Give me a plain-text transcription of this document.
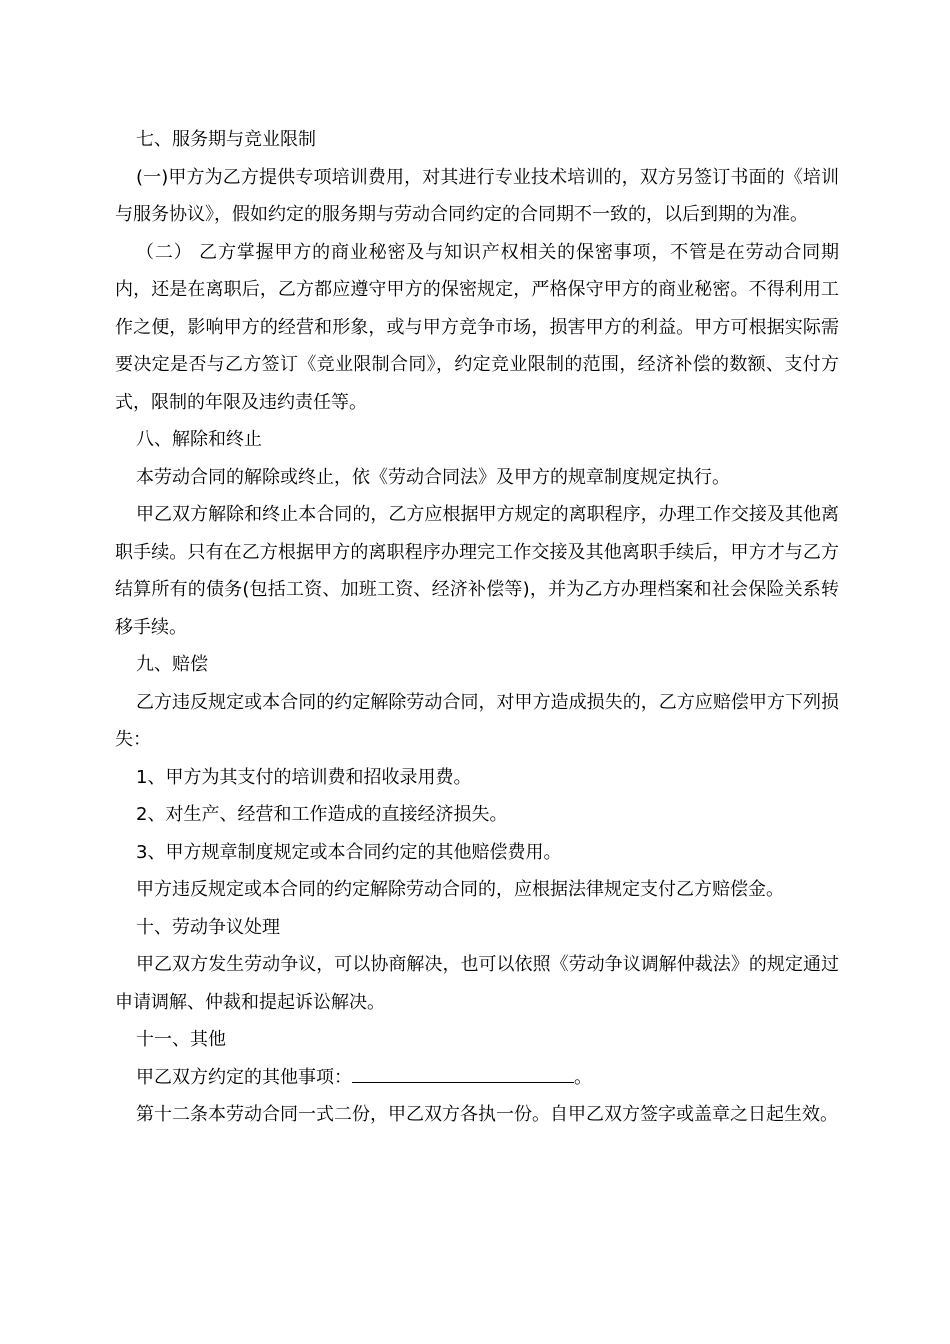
七、服务期与竞业限制

(一)甲方为乙方提供专项培训费用，对其进行专业技术培训的，双方另签订书面的《培训与服务协议》，假如约定的服务期与劳动合同约定的合同期不一致的，以后到期的为准。

（二） 乙方掌握甲方的商业秘密及与知识产权相关的保密事项，不管是在劳动合同期内，还是在离职后，乙方都应遵守甲方的保密规定，严格保守甲方的商业秘密。不得利用工作之便，影响甲方的经营和形象，或与甲方竞争市场，损害甲方的利益。甲方可根据实际需要决定是否与乙方签订《竞业限制合同》，约定竞业限制的范围，经济补偿的数额、支付方式，限制的年限及违约责任等。

八、解除和终止

本劳动合同的解除或终止，依《劳动合同法》及甲方的规章制度规定执行。

甲乙双方解除和终止本合同的，乙方应根据甲方规定的离职程序，办理工作交接及其他离职手续。只有在乙方根据甲方的离职程序办理完工作交接及其他离职手续后，甲方才与乙方结算所有的债务(包括工资、加班工资、经济补偿等)，并为乙方办理档案和社会保险关系转移手续。

九、赔偿

乙方违反规定或本合同的约定解除劳动合同，对甲方造成损失的，乙方应赔偿甲方下列损失：

1、甲方为其支付的培训费和招收录用费。

2、对生产、经营和工作造成的直接经济损失。

3、甲方规章制度规定或本合同约定的其他赔偿费用。

甲方违反规定或本合同的约定解除劳动合同的，应根据法律规定支付乙方赔偿金。

十、劳动争议处理

甲乙双方发生劳动争议，可以协商解决，也可以依照《劳动争议调解仲裁法》的规定通过申请调解、仲裁和提起诉讼解决。

十一、其他

甲乙双方约定的其他事项：	。

第十二条本劳动合同一式二份，甲乙双方各执一份。自甲乙双方签字或盖章之日起生效。
